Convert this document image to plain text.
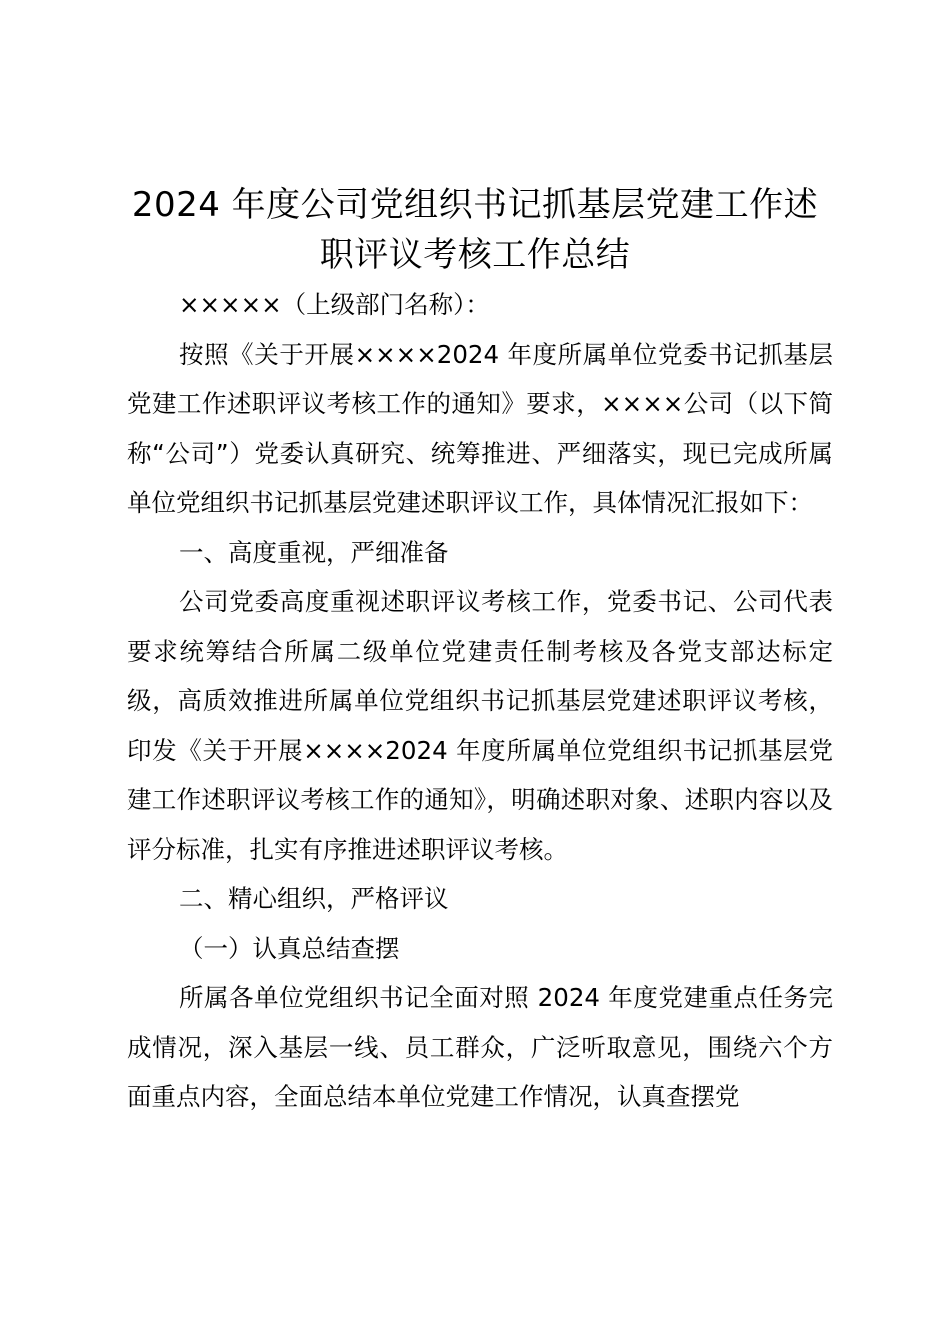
2024 年度公司党组织书记抓基层党建工作述
职评议考核工作总结

×××××（上级部门名称）：

按照《关于开展××××2024 年度所属单位党委书记抓基层党建工作述职评议考核工作的通知》要求，××××公司（以下简称“公司”）党委认真研究、统筹推进、严细落实，现已完成所属单位党组织书记抓基层党建述职评议工作，具体情况汇报如下：

一、高度重视，严细准备

公司党委高度重视述职评议考核工作，党委书记、公司代表要求统筹结合所属二级单位党建责任制考核及各党支部达标定级，高质效推进所属单位党组织书记抓基层党建述职评议考核，印发《关于开展××××2024 年度所属单位党组织书记抓基层党建工作述职评议考核工作的通知》，明确述职对象、述职内容以及评分标准，扎实有序推进述职评议考核。

二、精心组织，严格评议

（一）认真总结查摆

所属各单位党组织书记全面对照 2024 年度党建重点任务完成情况，深入基层一线、员工群众，广泛听取意见，围绕六个方面重点内容，全面总结本单位党建工作情况，认真查摆党
